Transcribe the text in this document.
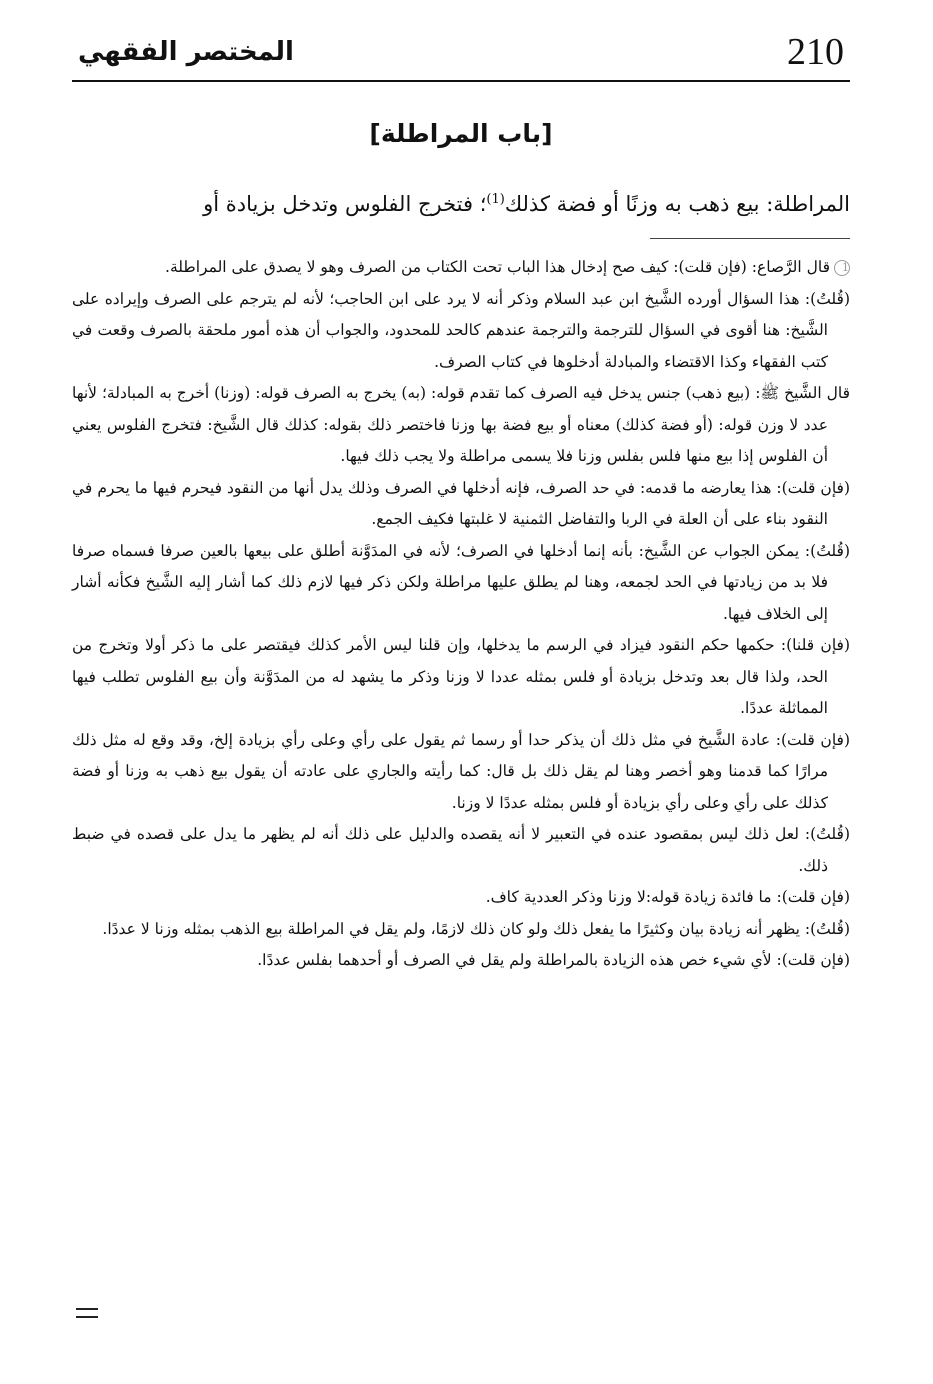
210
المختصر الفقهي
[باب المراطلة]
المراطلة: بيع ذهب به وزنًا أو فضة كذلك$^{(1)}$؛ فتخرج الفلوس وتدخل بزيادة أو

1قال الرَّصاع: (فإن قلت): كيف صح إدخال هذا الباب تحت الكتاب من الصرف وهو لا يصدق على المراطلة.

(قُلتُ): هذا السؤال أورده الشَّيخ ابن عبد السلام وذكر أنه لا يرد على ابن الحاجب؛ لأنه لم يترجم على الصرف وإيراده على الشَّيخ: هنا أقوى في السؤال للترجمة والترجمة عندهم كالحد للمحدود، والجواب أن هذه أمور ملحقة بالصرف وقعت في كتب الفقهاء وكذا الاقتضاء والمبادلة أدخلوها في كتاب الصرف.

قال الشَّيخ ﷺ: (بيع ذهب) جنس يدخل فيه الصرف كما تقدم قوله: (به) يخرج به الصرف قوله: (وزنا) أخرج به المبادلة؛ لأنها عدد لا وزن قوله: (أو فضة كذلك) معناه أو بيع فضة بها وزنا فاختصر ذلك بقوله: كذلك قال الشَّيخ: فتخرج الفلوس يعني أن الفلوس إذا بيع منها فلس بفلس وزنا فلا يسمى مراطلة ولا يجب ذلك فيها.

(فإن قلت): هذا يعارضه ما قدمه: في حد الصرف، فإنه أدخلها في الصرف وذلك يدل أنها من النقود فيحرم فيها ما يحرم في النقود بناء على أن العلة في الربا والتفاضل الثمنية لا غلبتها فكيف الجمع.

(قُلتُ): يمكن الجواب عن الشَّيخ: بأنه إنما أدخلها في الصرف؛ لأنه في المدَوَّنة أطلق على بيعها بالعين صرفا فسماه صرفا فلا بد من زيادتها في الحد لجمعه، وهنا لم يطلق عليها مراطلة ولكن ذكر فيها لازم ذلك كما أشار إليه الشَّيخ فكأنه أشار إلى الخلاف فيها.

(فإن قلنا): حكمها حكم النقود فيزاد في الرسم ما يدخلها، وإن قلنا ليس الأمر كذلك فيقتصر على ما ذكر أولا وتخرج من الحد، ولذا قال بعد وتدخل بزيادة أو فلس بمثله عددا لا وزنا وذكر ما يشهد له من المدَوَّنة وأن بيع الفلوس تطلب فيها المماثلة عددًا.

(فإن قلت): عادة الشَّيخ في مثل ذلك أن يذكر حدا أو رسما ثم يقول على رأي وعلى رأي بزيادة إلخ، وقد وقع له مثل ذلك مرارًا كما قدمنا وهو أخصر وهنا لم يقل ذلك بل قال: كما رأيته والجاري على عادته أن يقول بيع ذهب به وزنا أو فضة كذلك على رأي وعلى رأي بزيادة أو فلس بمثله عددًا لا وزنا.

(قُلتُ): لعل ذلك ليس بمقصود عنده في التعبير لا أنه يقصده والدليل على ذلك أنه لم يظهر ما يدل على قصده في ضبط ذلك.

(فإن قلت): ما فائدة زيادة قوله:لا وزنا وذكر العددية كاف.

(قُلتُ): يظهر أنه زيادة بيان وكثيرًا ما يفعل ذلك ولو كان ذلك لازمًا، ولم يقل في المراطلة بيع الذهب بمثله وزنا لا عددًا.

(فإن قلت): لأي شيء خص هذه الزيادة بالمراطلة ولم يقل في الصرف أو أحدهما بفلس عددًا.
